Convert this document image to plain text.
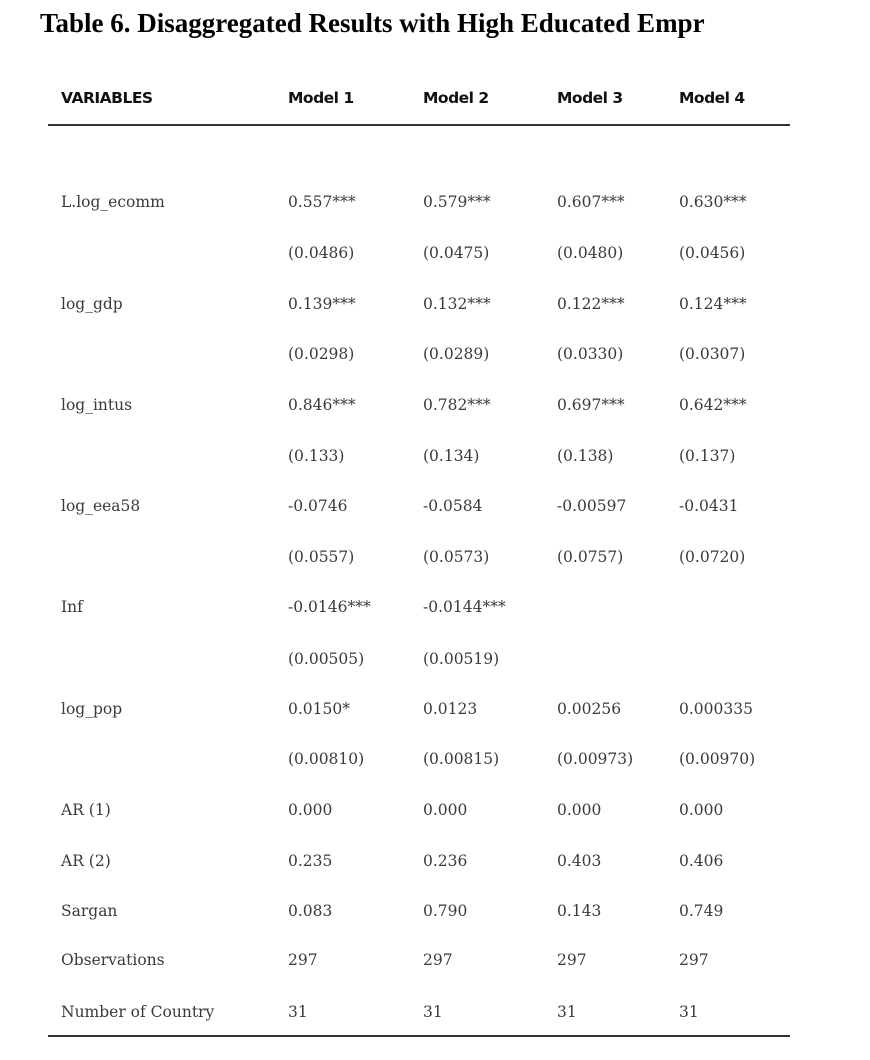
Table 6. Disaggregated Results with High Educated Empr
VARIABLES	Model 1	Model 2	Model 3	Model 4
L.log_ecomm	0.557***	0.579***	0.607***	0.630***
(0.0486)	(0.0475)	(0.0480)	(0.0456)
log_gdp	0.139***	0.132***	0.122***	0.124***
(0.0298)	(0.0289)	(0.0330)	(0.0307)
log_intus	0.846***	0.782***	0.697***	0.642***
(0.133)	(0.134)	(0.138)	(0.137)
log_eea58	-0.0746	-0.0584	-0.00597	-0.0431
(0.0557)	(0.0573)	(0.0757)	(0.0720)
Inf	-0.0146***	-0.0144***
(0.00505)	(0.00519)
log_pop	0.0150*	0.0123	0.00256	0.000335
(0.00810)	(0.00815)	(0.00973)	(0.00970)
AR (1)	0.000	0.000	0.000	0.000
AR (2)	0.235	0.236	0.403	0.406
Sargan	0.083	0.790	0.143	0.749
Observations	297	297	297	297
Number of Country	31	31	31	31
